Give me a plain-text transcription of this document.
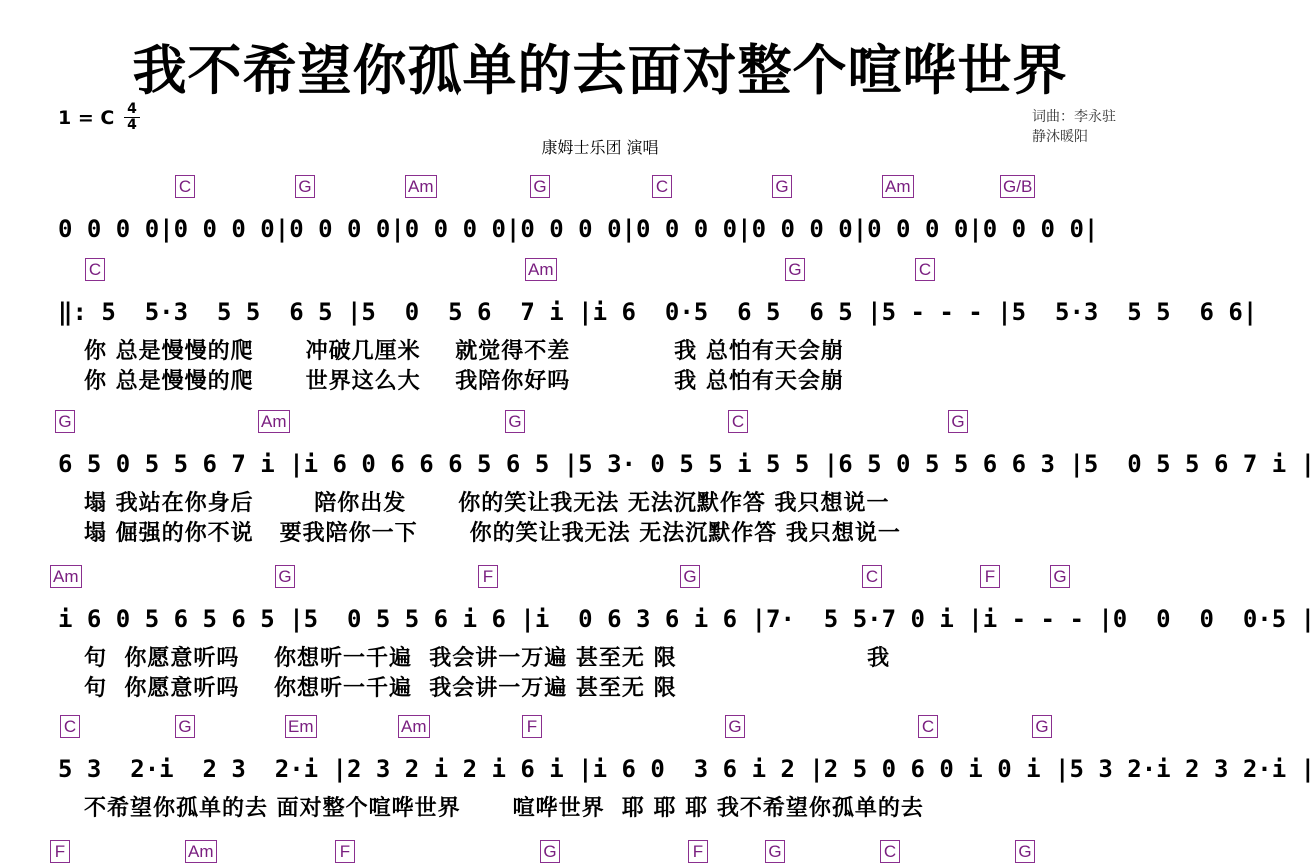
我不希望你孤单的去面对整个喧哗世界
1 = C 4
4
康姆士乐团 演唱
词曲：李永驻
静沐暖阳
C	G	Am	G	C	G	Am	G/B
0 0 0 0|0 0 0 0|0 0 0 0|0 0 0 0|0 0 0 0|0 0 0 0|0 0 0 0|0 0 0 0|0 0 0 0|
C	Am	G	C
‖: 5  5·3  5 5  6 5 |5  0  5 6  7 i |i 6  0·5  6 5  6 5 |5 - - - |5  5·3  5 5  6 6|
你 总是慢慢的爬      冲破几厘米    就觉得不差            我 总怕有天会崩
你 总是慢慢的爬      世界这么大    我陪你好吗            我 总怕有天会崩
G	Am	G	C	G
6 5 0 5 5 6 7 i |i 6 0 6 6 6 5 6 5 |5 3· 0 5 5 i 5 5 |6 5 0 5 5 6 6 3 |5  0 5 5 6 7 i |
塌 我站在你身后       陪你出发      你的笑让我无法 无法沉默作答 我只想说一
塌 倔强的你不说   要我陪你一下      你的笑让我无法 无法沉默作答 我只想说一
Am	G	F	G	C	F	G
i 6 0 5 6 5 6 5 |5  0 5 5 6 i 6 |i  0 6 3 6 i 6 |7·  5 5·7 0 i |i - - - |0  0  0  0·5 |
句  你愿意听吗    你想听一千遍  我会讲一万遍 甚至无 限                      我
句  你愿意听吗    你想听一千遍  我会讲一万遍 甚至无 限
C	G	Em	Am	F	G	C	G
5 3  2·i  2 3  2·i |2 3 2 i 2 i 6 i |i 6 0  3 6 i 2 |2 5 0 6 0 i 0 i |5 3 2·i 2 3 2·i |
不希望你孤单的去 面对整个喧哗世界      喧哗世界  耶 耶 耶 我不希望你孤单的去
F	Am	F	G	F	G	C	G
